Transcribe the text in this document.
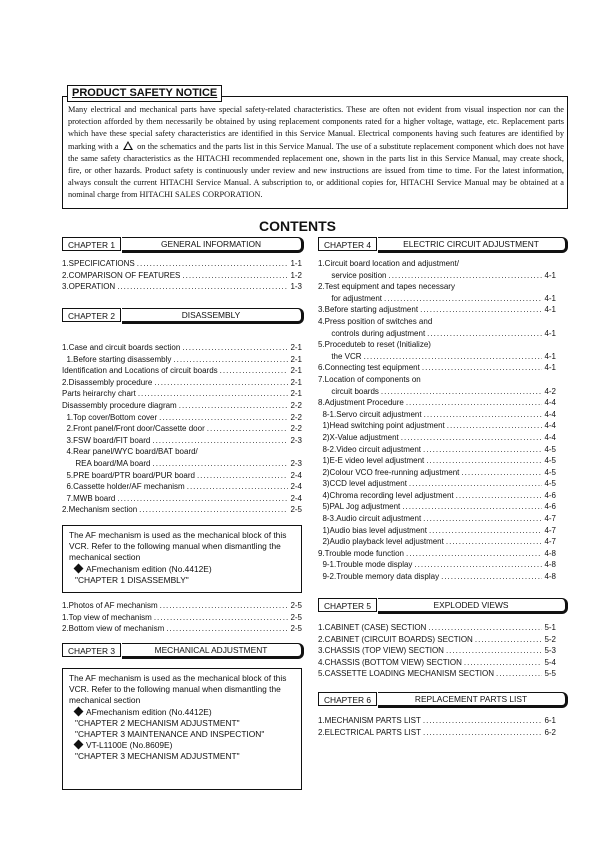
PRODUCT SAFETY NOTICE
Many electrical and mechanical parts have special safety-related characteristics. These are often not evident from visual inspection nor can the protection afforded by them necessarily be obtained by using replacement components rated for a higher voltage, wattage, etc. Replacement parts which have these special safety characteristics are identified in this Service Manual. Electrical components having such features are identified by marking with a on the schematics and the parts list in this Service Manual. The use of a substitute replacement component which does not have the same safety characteristics as the HITACHI recommended replacement one, shown in the parts list in this Service Manual, may create shock, fire, or other hazards. Product safety is continuously under review and new instructions are issued from time to time. For the latest information, always consult the current HITACHI Service Manual. A subscription to, or additional copies for, HITACHI Service Manual may be obtained at a nominal charge from HITACHI SALES CORPORATION.
CONTENTS
CHAPTER 1	GENERAL INFORMATION
1.SPECIFICATIONS .....	1-1
2.COMPARISON OF FEATURES .....	1-2
3.OPERATION .....	1-3
CHAPTER 2	DISASSEMBLY
1.Case and circuit boards section .....	2-1
1.Before starting disassembly .....	2-1
Identification and Locations of circuit boards .....	2-1
2.Disassembly procedure .....	2-1
Parts heirarchy chart .....	2-1
Disassembly procedure diagram .....	2-2
1.Top cover/Bottom cover .....	2-2
2.Front panel/Front door/Cassette door .....	2-2
3.FSW board/FIT board .....	2-3
4.Rear panel/WYC board/BAT board/
REA board/MA board .....	2-3
5.PRE board/PTR board/PUR board .....	2-4
6.Cassette holder/AF mechanism .....	2-4
7.MWB board .....	2-4
2.Mechanism section .....	2-5
The AF mechanism is used as the mechanical block of this
VCR. Refer to the following manual when dismantling the
mechanical section
AFmechanism edition (No.4412E)
"CHAPTER 1 DISASSEMBLY"
1.Photos of AF mechanism .....	2-5
1.Top view of mechanism .....	2-5
2.Bottom view of mechanism .....	2-5
CHAPTER 3	MECHANICAL ADJUSTMENT
The AF mechanism is used as the mechanical block of this
VCR. Refer to the following manual when dismantling the
mechanical section
AFmechanism edition (No.4412E)
"CHAPTER 2 MECHANISM ADJUSTMENT"
"CHAPTER 3 MAINTENANCE AND INSPECTION"
VT-L1100E (No.8609E)
"CHAPTER 3 MECHANISM ADJUSTMENT"
CHAPTER 4	ELECTRIC CIRCUIT ADJUSTMENT
1.Circuit board location and adjustment/
service position .....	4-1
2.Test equipment and tapes necessary
for adjustment .....	4-1
3.Before starting adjustment .....	4-1
4.Press position of switches and
controls during adjustment .....	4-1
5.Proceduteb to reset (Initialize)
the VCR .....	4-1
6.Connecting test equipment .....	4-1
7.Location of components on
circuit boards .....	4-2
8.Adjustment Procedure .....	4-4
8-1.Servo circuit adjustment .....	4-4
1)Head switching point adjustment .....	4-4
2)X-Value adjustment .....	4-4
8-2.Video circuit adjustment .....	4-5
1)E-E video level adjustment .....	4-5
2)Colour VCO free-running adjustment .....	4-5
3)CCD level adjustment .....	4-5
4)Chroma recording level adjustment .....	4-6
5)PAL Jog adjustment .....	4-6
8-3.Audio circuit adjustment .....	4-7
1)Audio bias level adjustment .....	4-7
2)Audio playback level adjustment .....	4-7
9.Trouble mode function .....	4-8
9-1.Trouble mode display .....	4-8
9-2.Trouble memory data display .....	4-8
CHAPTER 5	EXPLODED VIEWS
1.CABINET (CASE) SECTION .....	5-1
2.CABINET (CIRCUIT BOARDS) SECTION .....	5-2
3.CHASSIS (TOP VIEW) SECTION .....	5-3
4.CHASSIS (BOTTOM VIEW) SECTION .....	5-4
5.CASSETTE LOADING MECHANISM SECTION .....	5-5
CHAPTER 6	REPLACEMENT PARTS LIST
1.MECHANISM PARTS LIST .....	6-1
2.ELECTRICAL PARTS LIST .....	6-2
